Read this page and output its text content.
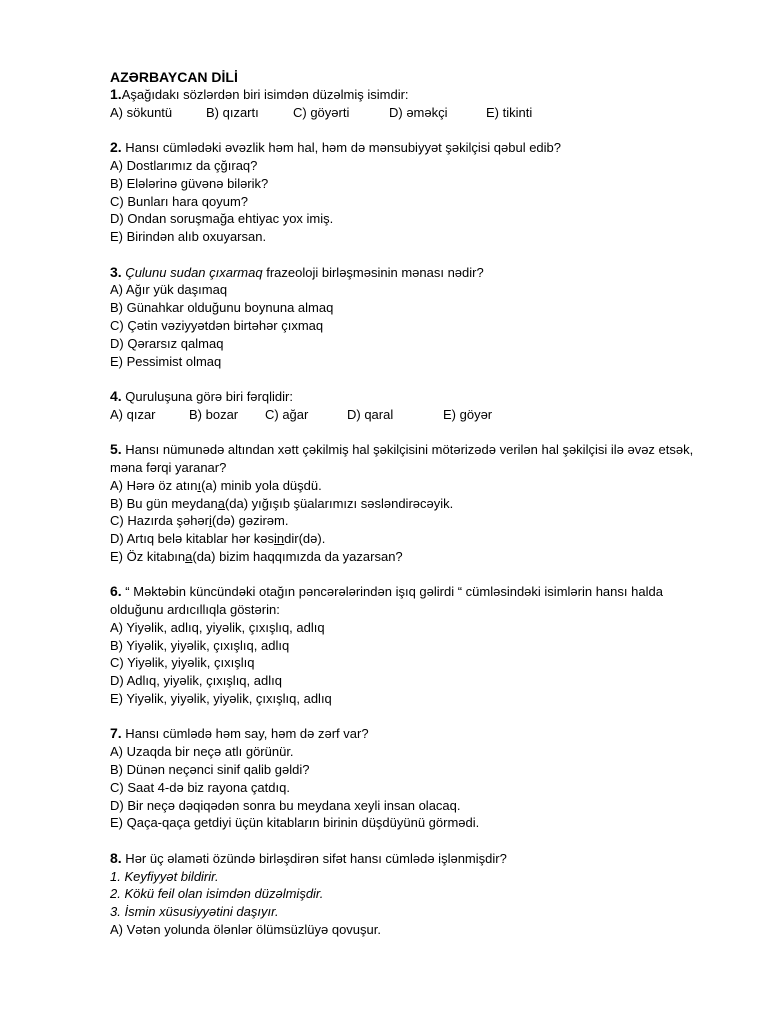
AZƏRBAYCAN DİLİ
1.Aşağıdakı sözlərdən biri isimdən düzəlmiş isimdir:
A) sökuntü	B) qızartı	C) göyərti	D) əməkçi	E) tikinti
2. Hansı cümlədəki əvəzlik həm hal, həm də mənsubiyyət şəkilçisi qəbul edib?
A) Dostlarımız da çğıraq?
B) Elələrinə güvənə bilərik?
C) Bunları hara qoyum?
D) Ondan soruşmağa ehtiyac yox imiş.
E) Birindən alıb oxuyarsan.
3. Çulunu sudan çıxarmaq frazeoloji birləşməsinin mənası nədir?
A) Ağır yük daşımaq
B) Günahkar olduğunu boynuna almaq
C) Çətin vəziyyətdən birtəhər çıxmaq
D) Qərarsız qalmaq
E) Pessimist olmaq
4. Quruluşuna görə biri fərqlidir:
A) qızar	B) bozar	C) ağar	D) qaral	E) göyər
5. Hansı nümunədə altından xətt çəkilmiş hal şəkilçisini mötərizədə verilən hal şəkilçisi ilə əvəz etsək, məna fərqi yaranar?
A) Hərə öz atını(a) minib yola düşdü.
B) Bu gün meydana(da) yığışıb şüalarımızı səsləndirəcəyik.
C) Hazırda şəhəri(də) gəzirəm.
D) Artıq belə kitablar hər kəsindir(də).
E) Öz kitabına(da) bizim haqqımızda da yazarsan?
6. “ Məktəbin küncündəki otağın pəncərələrindən işıq gəlirdi “ cümləsindəki isimlərin hansı halda olduğunu ardıcıllıqla göstərin:
A) Yiyəlik, adlıq, yiyəlik, çıxışlıq, adlıq
B) Yiyəlik, yiyəlik, çıxışlıq, adlıq
C) Yiyəlik, yiyəlik, çıxışlıq
D) Adlıq, yiyəlik, çıxışlıq, adlıq
E) Yiyəlik, yiyəlik, yiyəlik, çıxışlıq, adlıq
7. Hansı cümlədə həm say, həm də zərf var?
A) Uzaqda bir neçə atlı görünür.
B) Dünən neçənci sinif qalib gəldi?
C) Saat 4-də biz rayona çatdıq.
D) Bir neçə dəqiqədən sonra bu meydana xeyli insan olacaq.
E) Qaça-qaça getdiyi üçün kitabların birinin düşdüyünü görmədi.
8. Hər üç əlaməti özündə birləşdirən sifət hansı cümlədə işlənmişdir?
1. Keyfiyyət bildirir.
2. Kökü feil olan isimdən düzəlmişdir.
3. İsmin xüsusiyyətini daşıyır.
A) Vətən yolunda ölənlər ölümsüzlüyə qovuşur.
